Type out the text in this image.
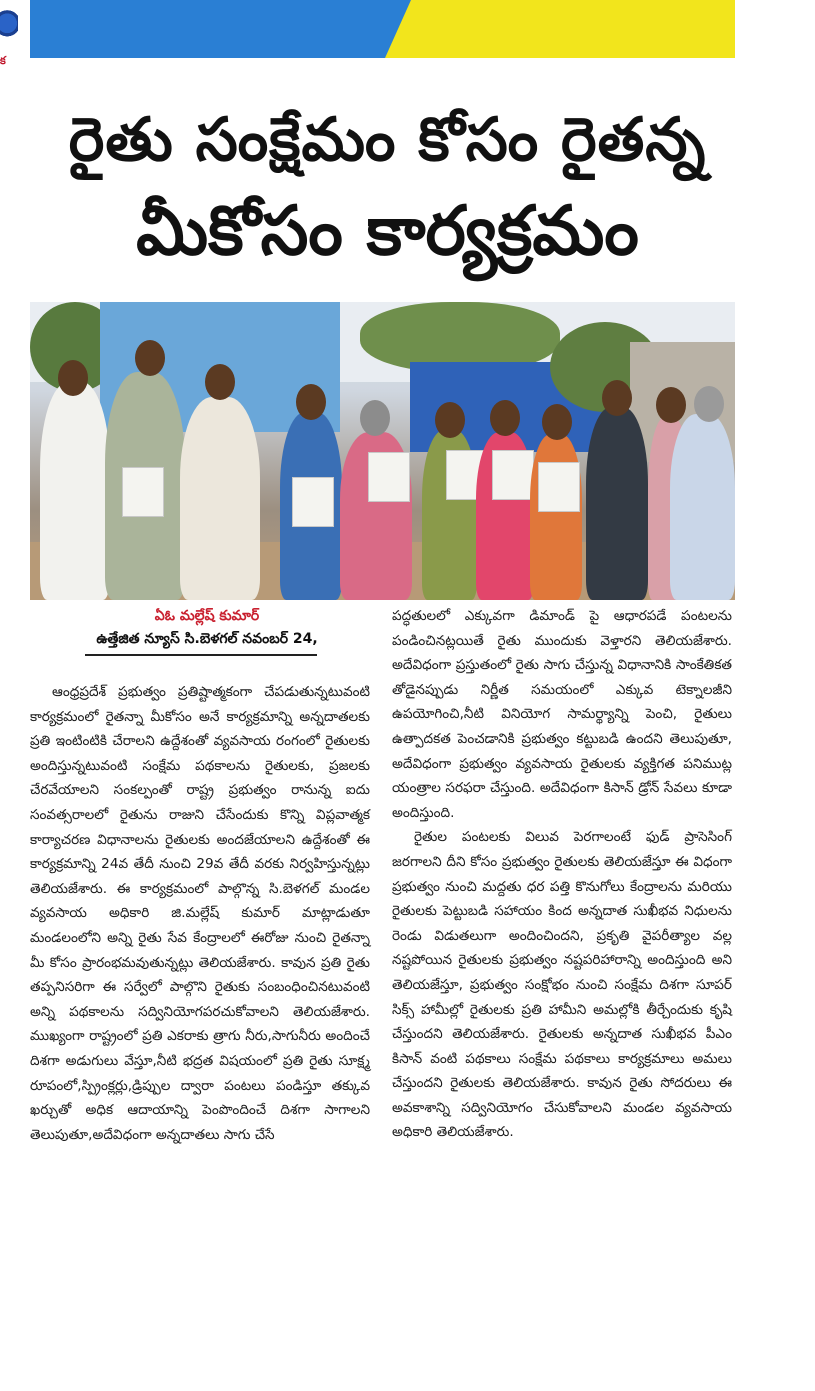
క
రైతు సంక్షేమం కోసం రైతన్న
మీకోసం కార్యక్రమం

ఏఓ మల్లేష్ కుమార్

ఉత్తేజిత న్యూస్ సి.బెళగల్ నవంబర్ 24,

ఆంధ్రప్రదేశ్ ప్రభుత్వం ప్రతిష్టాత్మకంగా చేపడుతున్నటువంటి కార్యక్రమంలో రైతన్నా మీకోసం అనే కార్యక్రమాన్ని అన్నదాతలకు ప్రతి ఇంటింటికి చేరాలని ఉద్దేశంతో వ్యవసాయ రంగంలో రైతులకు అందిస్తున్నటువంటి సంక్షేమ పథకాలను రైతులకు, ప్రజలకు చేరవేయాలని సంకల్పంతో రాష్ట్ర ప్రభుత్వం రానున్న ఐదు సంవత్సరాలలో రైతును రాజుని చేసేందుకు కొన్ని విప్లవాత్మక కార్యాచరణ విధానాలను రైతులకు అందజేయాలని ఉద్దేశంతో ఈ కార్యక్రమాన్ని 24వ తేదీ నుంచి 29వ తేదీ వరకు నిర్వహిస్తున్నట్లు తెలియజేశారు. ఈ కార్యక్రమంలో పాల్గొన్న సి.బెళగల్ మండల వ్యవసాయ అధికారి జి.మల్లేష్ కుమార్ మాట్లాడుతూ మండలంలోని అన్ని రైతు సేవ కేంద్రాలలో ఈరోజు నుంచి రైతన్నా మీ కోసం ప్రారంభమవుతున్నట్లు తెలియజేశారు. కావున ప్రతి రైతు తప్పనిసరిగా ఈ సర్వేలో పాల్గొని రైతుకు సంబంధించినటువంటి అన్ని పథకాలను సద్వినియోగపరచుకోవాలని తెలియజేశారు. ముఖ్యంగా రాష్ట్రంలో ప్రతి ఎకరాకు త్రాగు నీరు,సాగునీరు అందించే దిశగా అడుగులు వేస్తూ,నీటి భద్రత విషయంలో ప్రతి రైతు సూక్ష్మ రూపంలో,స్ప్రింక్లర్లు,డ్రిప్పుల ద్వారా పంటలు పండిస్తూ తక్కువ ఖర్చుతో అధిక ఆదాయాన్ని పెంపొందించే దిశగా సాగాలని తెలుపుతూ,అదేవిధంగా అన్నదాతలు సాగు చేసే

పద్ధతులలో ఎక్కువగా డిమాండ్ పై ఆధారపడే పంటలను పండించినట్లయితే రైతు ముందుకు వెళ్తారని తెలియజేశారు. అదేవిధంగా ప్రస్తుతంలో రైతు సాగు చేస్తున్న విధానానికి సాంకేతికత తోడైనప్పుడు నిర్ణీత సమయంలో ఎక్కువ టెక్నాలజీని ఉపయోగించి,నీటి వినియోగ సామర్థ్యాన్ని పెంచి, రైతులు ఉత్పాదకత పెంచడానికి ప్రభుత్వం కట్టుబడి ఉందని తెలుపుతూ, అదేవిధంగా ప్రభుత్వం వ్యవసాయ రైతులకు వ్యక్తిగత పనిముట్ల యంత్రాల సరఫరా చేస్తుంది. అదేవిధంగా కిసాన్ డ్రోన్ సేవలు కూడా అందిస్తుంది.

రైతుల పంటలకు విలువ పెరగాలంటే ఫుడ్ ప్రాసెసింగ్ జరగాలని దీని కోసం ప్రభుత్వం రైతులకు తెలియజేస్తూ ఈ విధంగా ప్రభుత్వం నుంచి మద్దతు ధర పత్తి కొనుగోలు కేంద్రాలను మరియు రైతులకు పెట్టుబడి సహాయం కింద అన్నదాత సుఖీభవ నిధులను రెండు విడుతలుగా అందించిందని, ప్రకృతి వైపరీత్యాల వల్ల నష్టపోయిన రైతులకు ప్రభుత్వం నష్టపరిహారాన్ని అందిస్తుంది అని తెలియజేస్తూ, ప్రభుత్వం సంక్షోభం నుంచి సంక్షేమ దిశగా సూపర్ సిక్స్ హామీల్లో రైతులకు ప్రతి హామీని అమల్లోకి తీర్చేందుకు కృషి చేస్తుందని తెలియజేశారు. రైతులకు అన్నదాత సుఖీభవ పీఎం కిసాన్ వంటి పథకాలు సంక్షేమ పథకాలు కార్యక్రమాలు అమలు చేస్తుందని రైతులకు తెలియజేశారు. కావున రైతు సోదరులు ఈ అవకాశాన్ని సద్వినియోగం చేసుకోవాలని మండల వ్యవసాయ అధికారి తెలియజేశారు.
